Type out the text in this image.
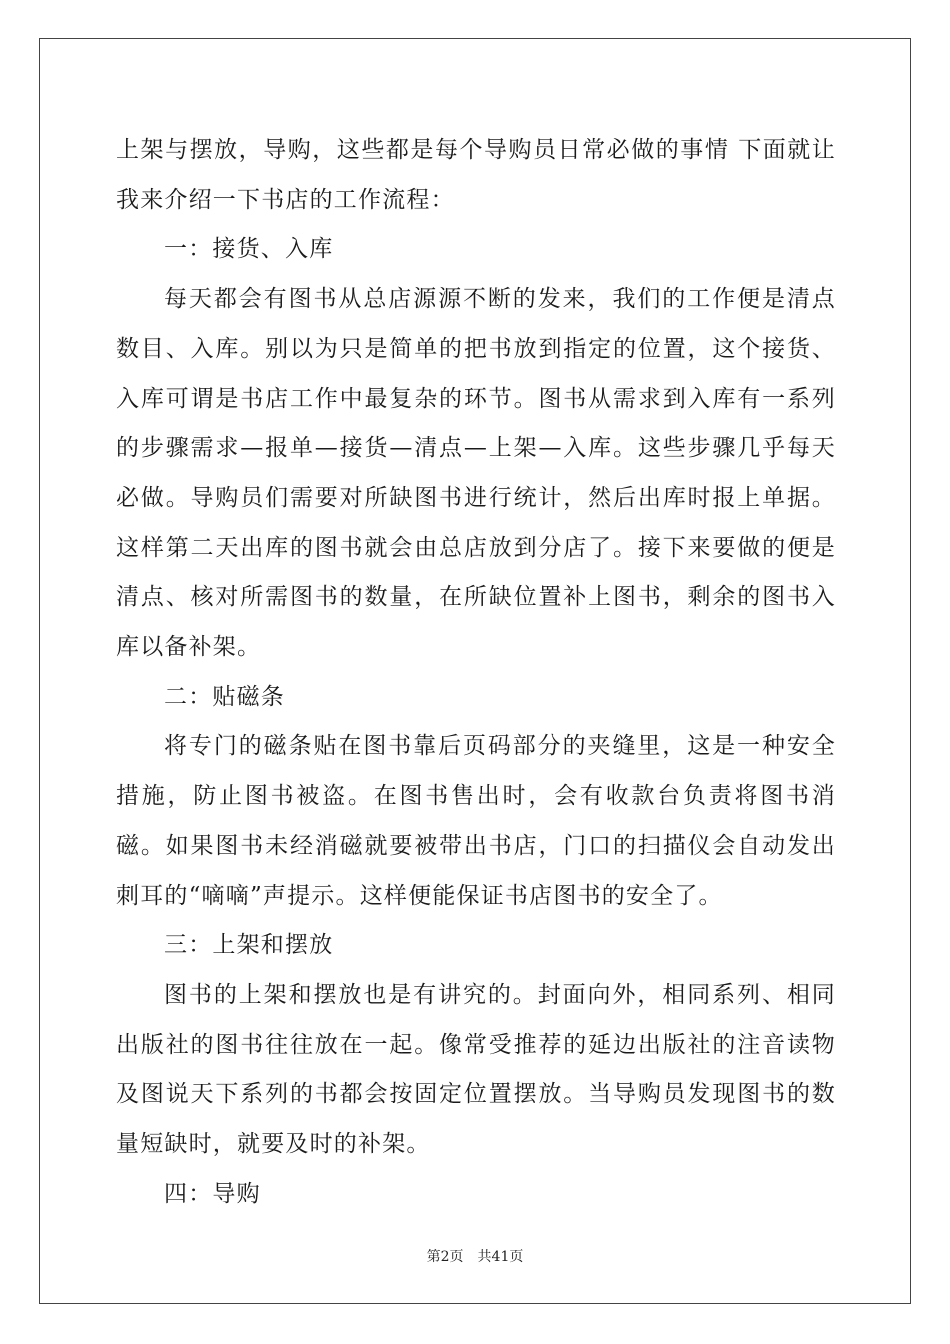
上架与摆放，导购，这些都是每个导购员日常必做的事情 下面就让我来介绍一下书店的工作流程：

一：接货、入库

每天都会有图书从总店源源不断的发来，我们的工作便是清点数目、入库。别以为只是简单的把书放到指定的位置，这个接货、入库可谓是书店工作中最复杂的环节。图书从需求到入库有一系列的步骤需求—报单—接货—清点—上架—入库。这些步骤几乎每天必做。导购员们需要对所缺图书进行统计，然后出库时报上单据。这样第二天出库的图书就会由总店放到分店了。接下来要做的便是清点、核对所需图书的数量，在所缺位置补上图书，剩余的图书入库以备补架。

二：贴磁条

将专门的磁条贴在图书靠后页码部分的夹缝里，这是一种安全措施，防止图书被盗。在图书售出时，会有收款台负责将图书消磁。如果图书未经消磁就要被带出书店，门口的扫描仪会自动发出刺耳的“嘀嘀”声提示。这样便能保证书店图书的安全了。

三：上架和摆放

图书的上架和摆放也是有讲究的。封面向外，相同系列、相同出版社的图书往往放在一起。像常受推荐的延边出版社的注音读物及图说天下系列的书都会按固定位置摆放。当导购员发现图书的数量短缺时，就要及时的补架。

四：导购

第2页 共41页
